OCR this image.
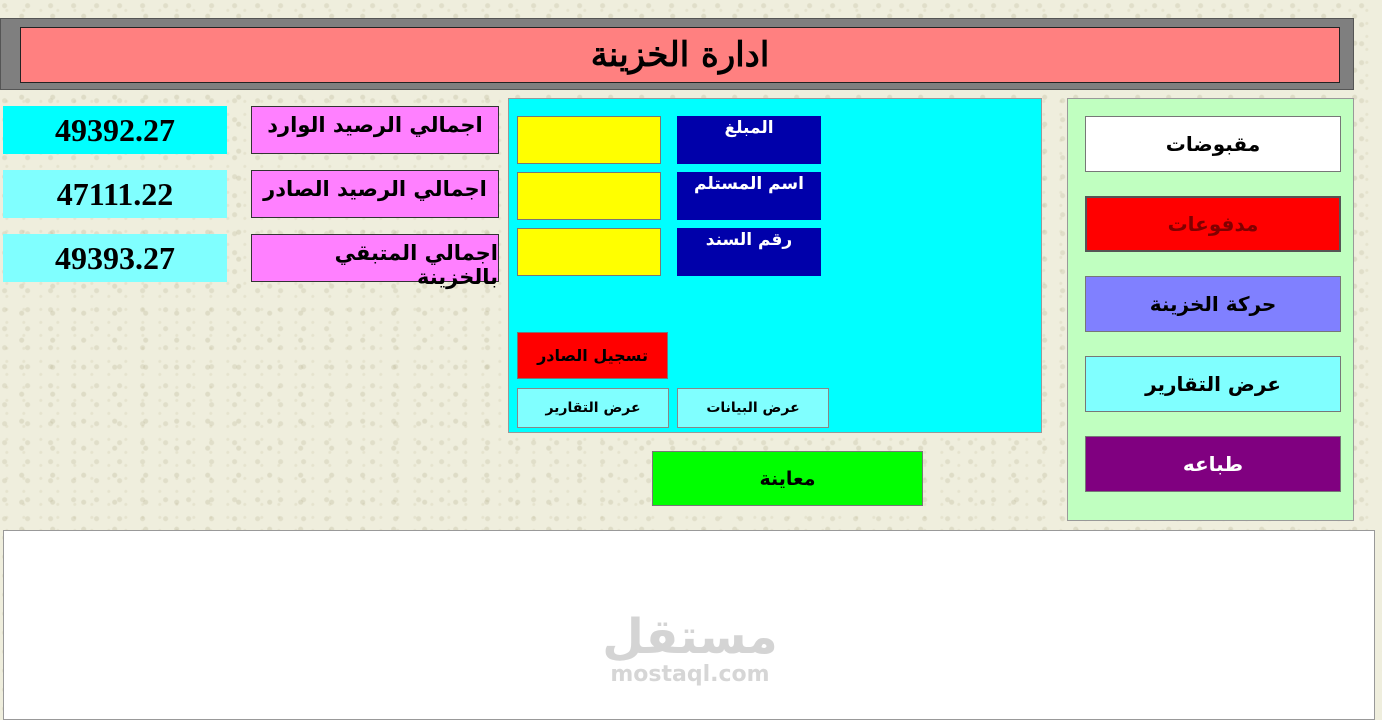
ادارة الخزينة
49392.27	اجمالي الرصيد الوارد
47111.22	اجمالي الرصيد الصادر
49393.27	اجمالي المتبقي بالخزينة
المبلغ
اسم المستلم
رقم السند
تسجيل الصادر
عرض التقارير	عرض البيانات
معاينة
مقبوضات
مدفوعات
حركة الخزينة
عرض التقارير
طباعه
مستقل
mostaql.com
